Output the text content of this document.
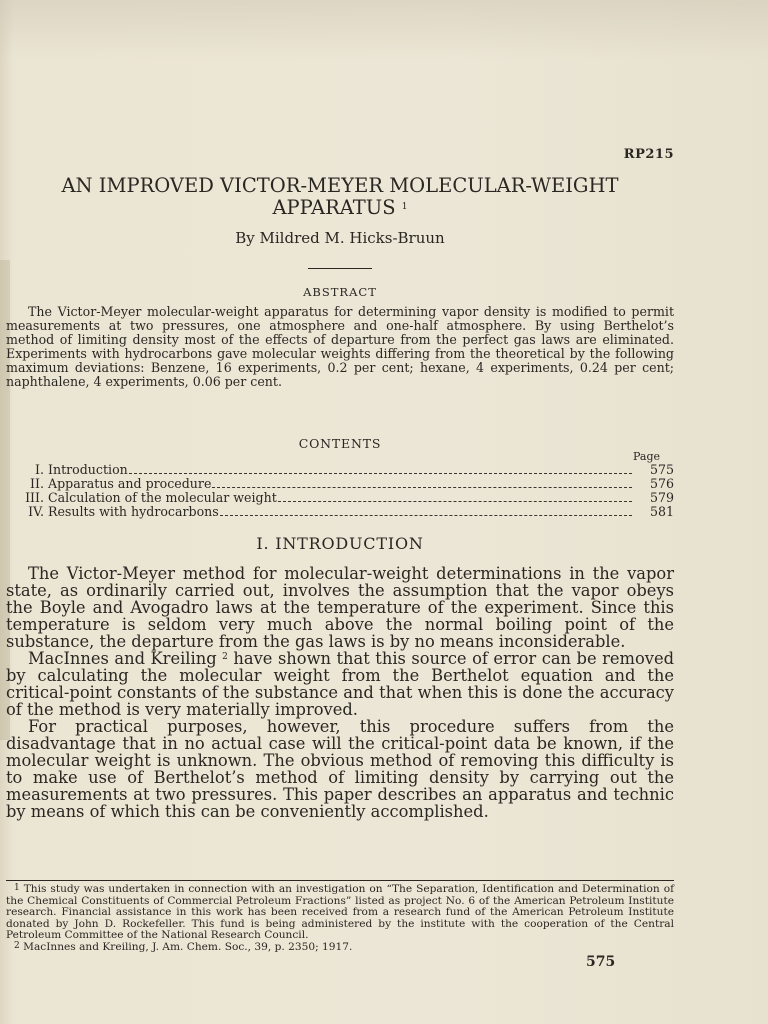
RP215
AN IMPROVED VICTOR-MEYER MOLECULAR-WEIGHT
APPARATUS $^1$
By Mildred M. Hicks-Bruun
ABSTRACT
The Victor-Meyer molecular-weight apparatus for determining vapor density is modified to permit measurements at two pressures, one atmosphere and one-half atmosphere. By using Berthelot’s method of limiting density most of the effects of departure from the perfect gas laws are eliminated. Experiments with hydrocarbons gave molecular weights differing from the theoretical by the following maximum deviations: Benzene, 16 experiments, 0.2 per cent; hexane, 4 experiments, 0.24 per cent; naphthalene, 4 experiments, 0.06 per cent.
CONTENTS
Page
I. Introduction	575
II. Apparatus and procedure	576
III. Calculation of the molecular weight	579
IV. Results with hydrocarbons	581
I. INTRODUCTION

The Victor-Meyer method for molecular-weight determinations in the vapor state, as ordinarily carried out, involves the assumption that the vapor obeys the Boyle and Avogadro laws at the temperature of the experiment. Since this temperature is seldom very much above the normal boiling point of the substance, the departure from the gas laws is by no means inconsiderable.

MacInnes and Kreiling $^2$ have shown that this source of error can be removed by calculating the molecular weight from the Berthelot equation and the critical-point constants of the substance and that when this is done the accuracy of the method is very materially improved.

For practical purposes, however, this procedure suffers from the disadvantage that in no actual case will the critical-point data be known, if the molecular weight is unknown. The obvious method of removing this difficulty is to make use of Berthelot’s method of limiting density by carrying out the measurements at two pressures. This paper describes an apparatus and technic by means of which this can be conveniently accomplished.

$^1$ This study was undertaken in connection with an investigation on “The Separation, Identification and Determination of the Chemical Constituents of Commercial Petroleum Fractions” listed as project No. 6 of the American Petroleum Institute research. Financial assistance in this work has been received from a research fund of the American Petroleum Institute donated by John D. Rockefeller. This fund is being administered by the institute with the cooperation of the Central Petroleum Committee of the National Research Council.

$^2$ MacInnes and Kreiling, J. Am. Chem. Soc., 39, p. 2350; 1917.

575
